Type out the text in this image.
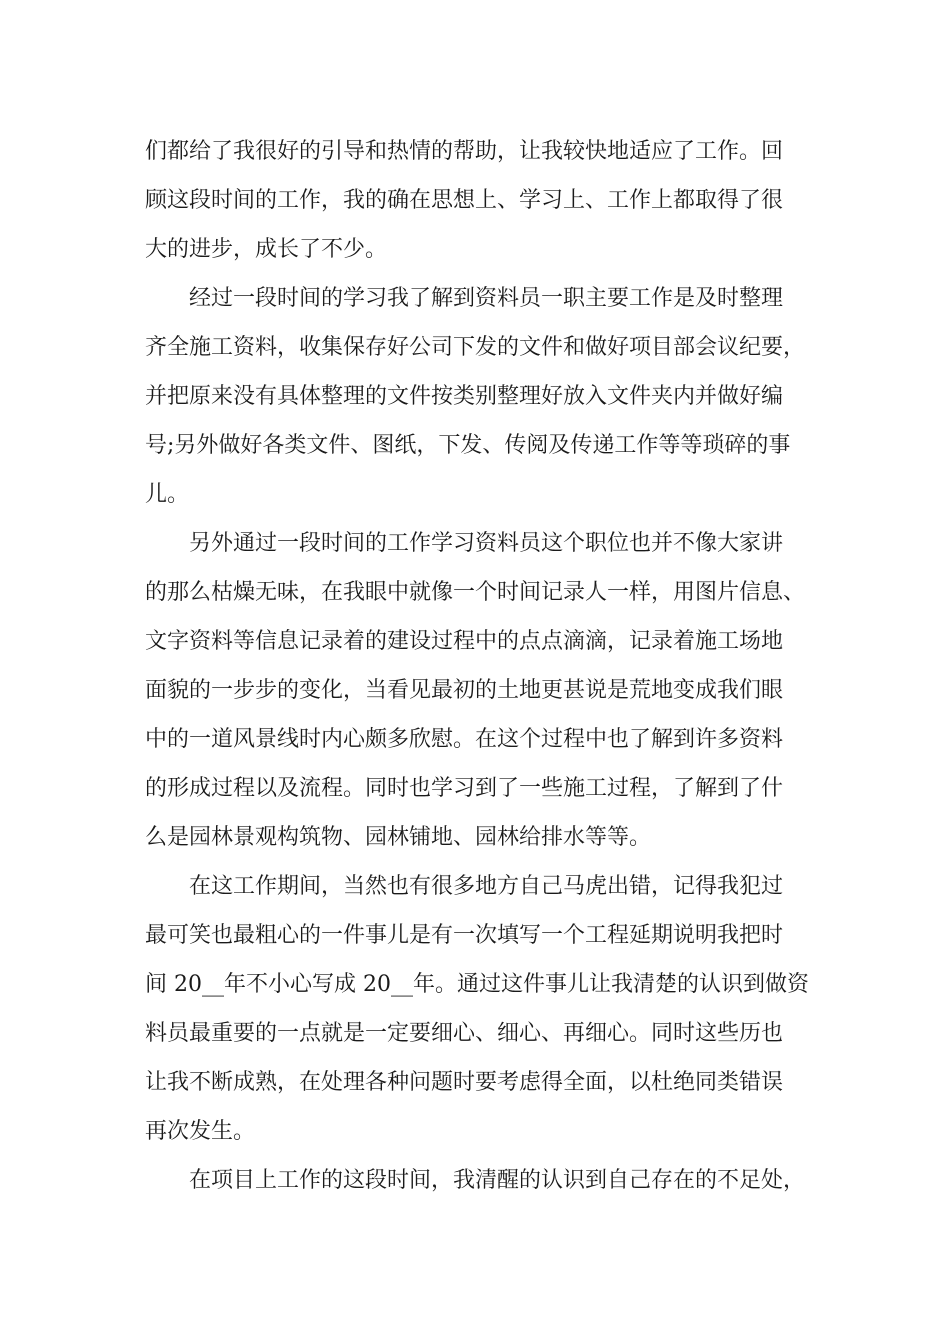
们都给了我很好的引导和热情的帮助，让我较快地适应了工作。回
顾这段时间的工作，我的确在思想上、学习上、工作上都取得了很
大的进步，成长了不少。
经过一段时间的学习我了解到资料员一职主要工作是及时整理
齐全施工资料，收集保存好公司下发的文件和做好项目部会议纪要，
并把原来没有具体整理的文件按类别整理好放入文件夹内并做好编
号;另外做好各类文件、图纸，下发、传阅及传递工作等等琐碎的事
儿。
另外通过一段时间的工作学习资料员这个职位也并不像大家讲
的那么枯燥无味，在我眼中就像一个时间记录人一样，用图片信息、
文字资料等信息记录着的建设过程中的点点滴滴，记录着施工场地
面貌的一步步的变化，当看见最初的土地更甚说是荒地变成我们眼
中的一道风景线时内心颇多欣慰。在这个过程中也了解到许多资料
的形成过程以及流程。同时也学习到了一些施工过程，了解到了什
么是园林景观构筑物、园林铺地、园林给排水等等。
在这工作期间，当然也有很多地方自己马虎出错，记得我犯过
最可笑也最粗心的一件事儿是有一次填写一个工程延期说明我把时
间 20__年不小心写成 20__年。通过这件事儿让我清楚的认识到做资
料员最重要的一点就是一定要细心、细心、再细心。同时这些历也
让我不断成熟，在处理各种问题时要考虑得全面，以杜绝同类错误
再次发生。
在项目上工作的这段时间，我清醒的认识到自己存在的不足处，
